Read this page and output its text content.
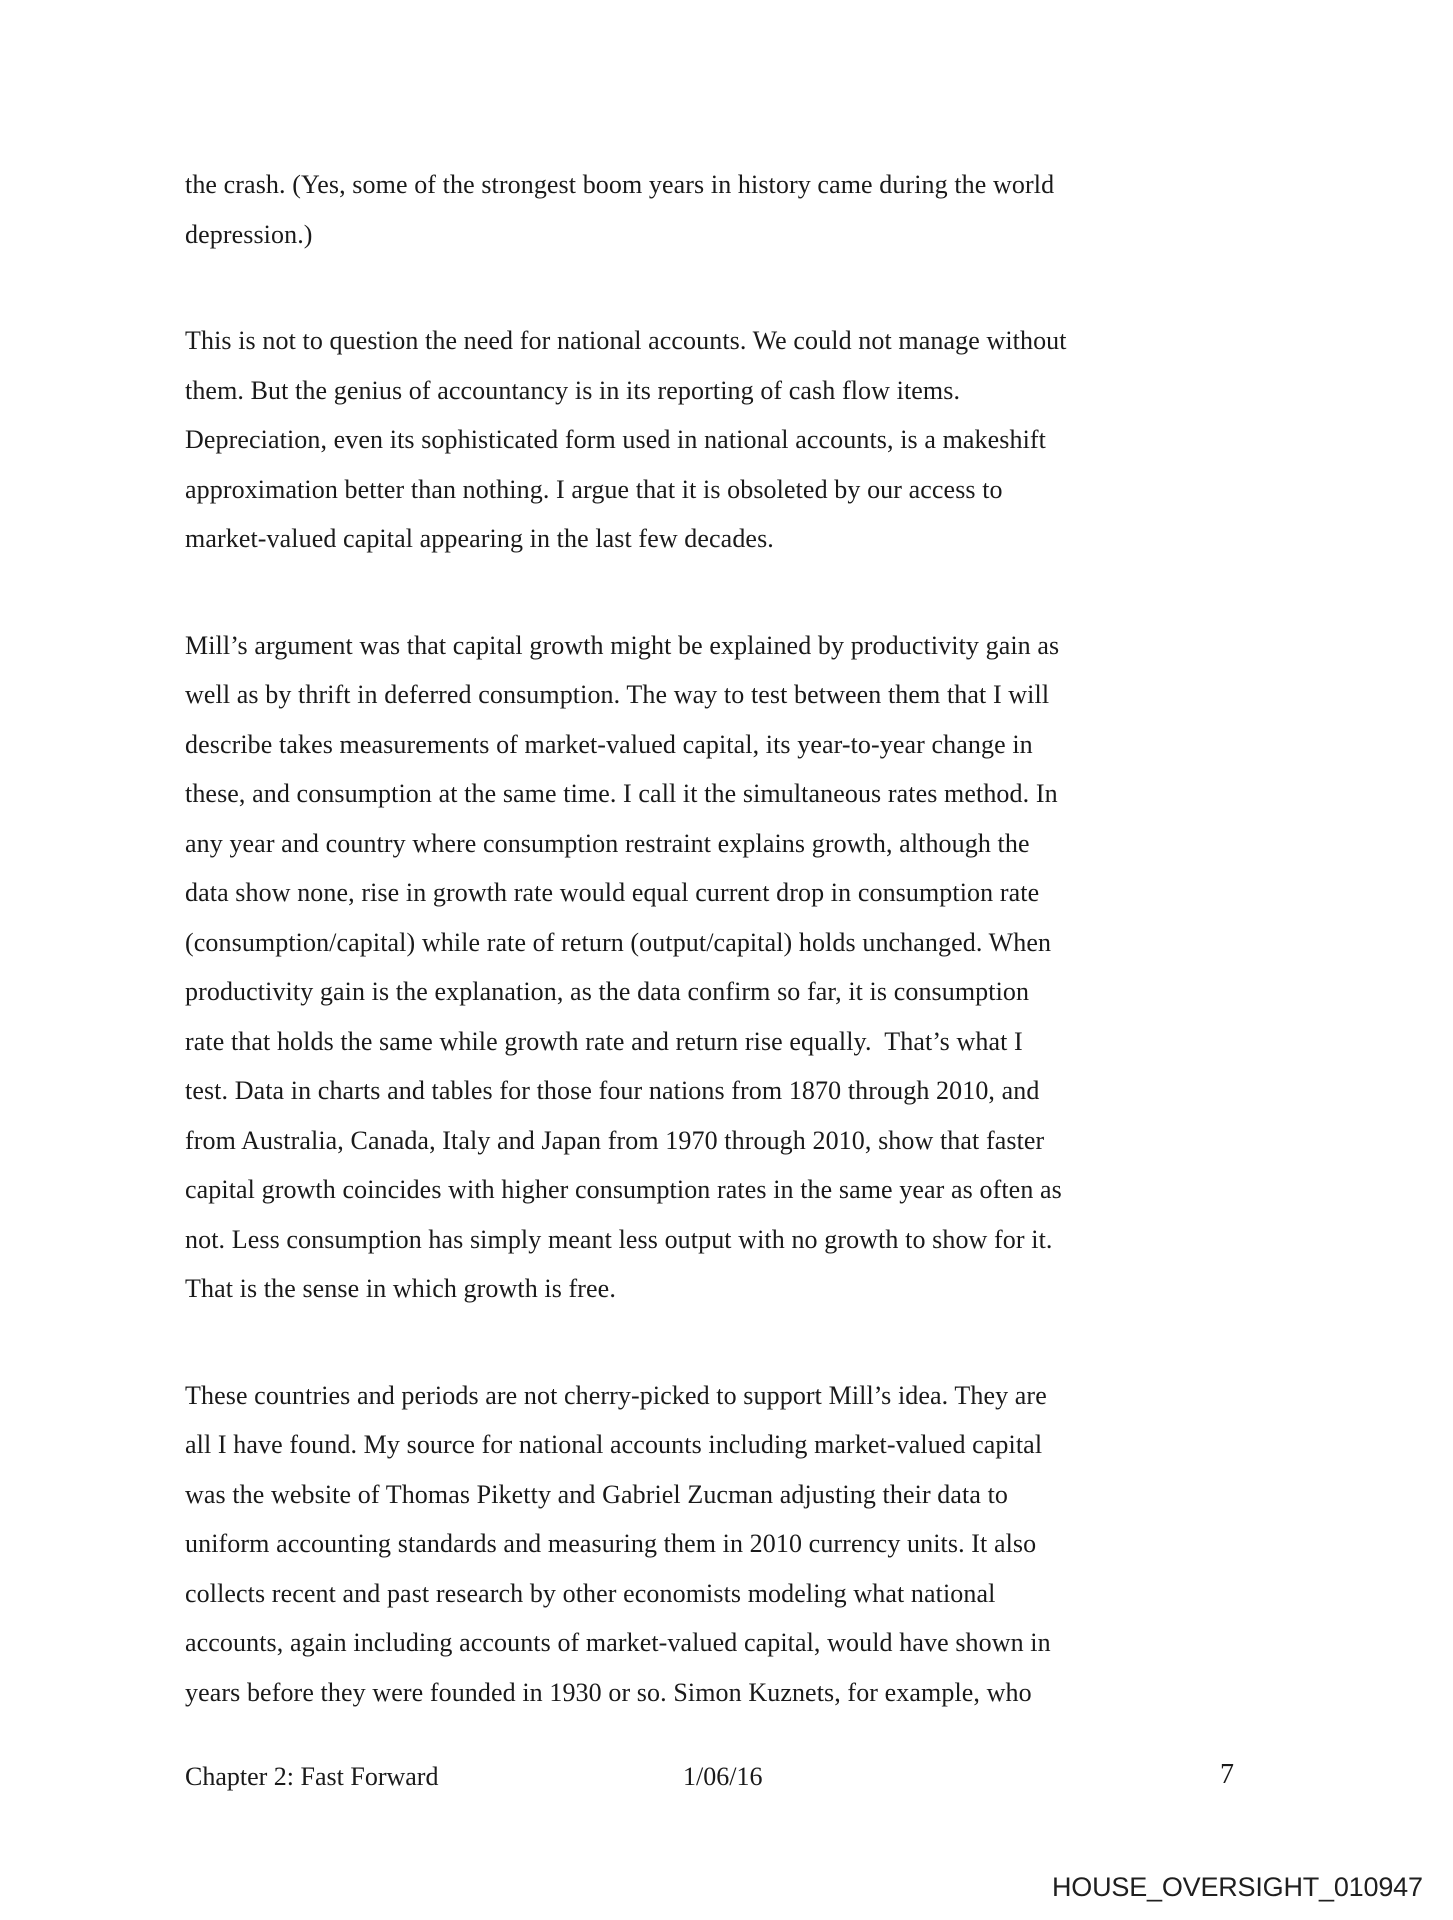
the crash. (Yes, some of the strongest boom years in history came during the world
depression.)
This is not to question the need for national accounts. We could not manage without
them. But the genius of accountancy is in its reporting of cash flow items.
Depreciation, even its sophisticated form used in national accounts, is a makeshift
approximation better than nothing. I argue that it is obsoleted by our access to
market-valued capital appearing in the last few decades.
Mill’s argument was that capital growth might be explained by productivity gain as
well as by thrift in deferred consumption. The way to test between them that I will
describe takes measurements of market-valued capital, its year-to-year change in
these, and consumption at the same time. I call it the simultaneous rates method. In
any year and country where consumption restraint explains growth, although the
data show none, rise in growth rate would equal current drop in consumption rate
(consumption/capital) while rate of return (output/capital) holds unchanged. When
productivity gain is the explanation, as the data confirm so far, it is consumption
rate that holds the same while growth rate and return rise equally.  That’s what I
test. Data in charts and tables for those four nations from 1870 through 2010, and
from Australia, Canada, Italy and Japan from 1970 through 2010, show that faster
capital growth coincides with higher consumption rates in the same year as often as
not. Less consumption has simply meant less output with no growth to show for it.
That is the sense in which growth is free.
These countries and periods are not cherry-picked to support Mill’s idea. They are
all I have found. My source for national accounts including market-valued capital
was the website of Thomas Piketty and Gabriel Zucman adjusting their data to
uniform accounting standards and measuring them in 2010 currency units. It also
collects recent and past research by other economists modeling what national
accounts, again including accounts of market-valued capital, would have shown in
years before they were founded in 1930 or so. Simon Kuznets, for example, who
Chapter 2: Fast Forward	1/06/16	7
HOUSE_OVERSIGHT_010947
